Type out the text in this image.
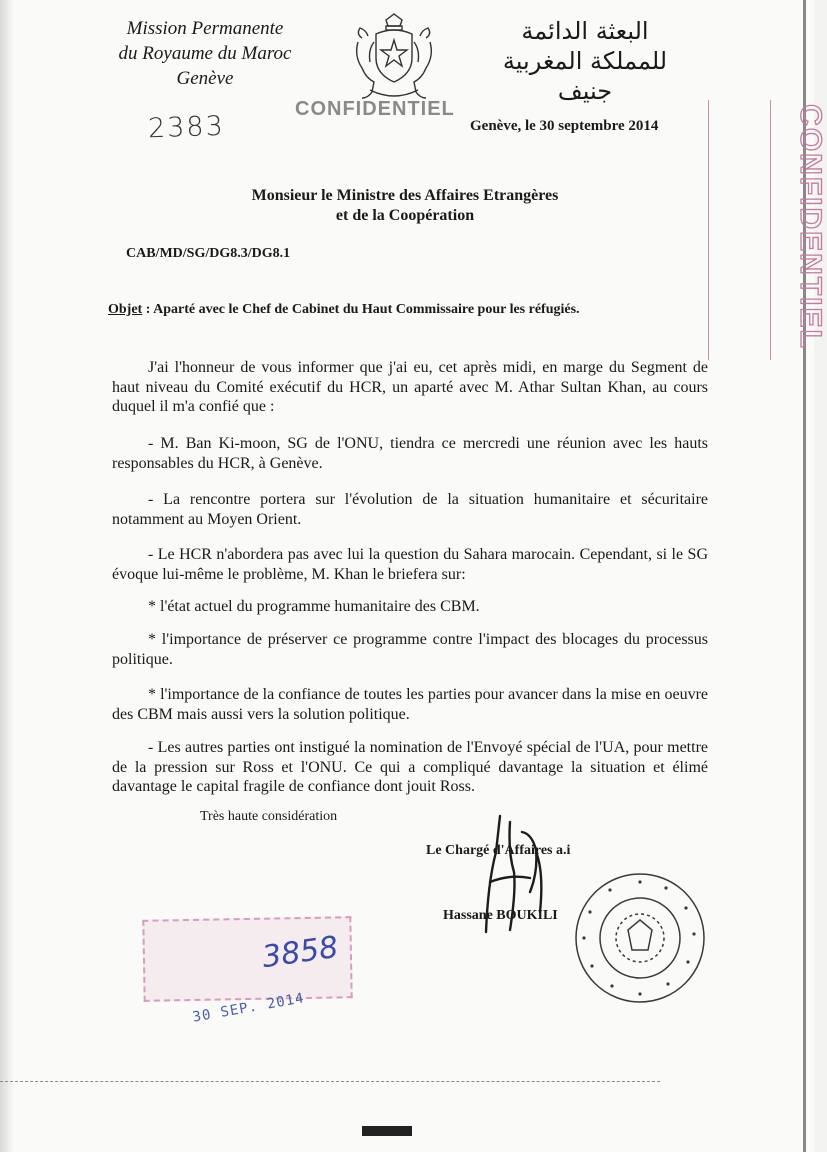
Mission Permanente
du Royaume du Maroc
Genève
البعثة الدائمة
للمملكة المغربية
جنيف
2383
CONFIDENTIEL	CONFIDENTIEL
Genève, le 30 septembre 2014
Monsieur le Ministre des Affaires Etrangères
et de la Coopération
CAB/MD/SG/DG8.3/DG8.1
Objet : Aparté avec le Chef de Cabinet du Haut Commissaire pour les réfugiés.
J'ai l'honneur de vous informer que j'ai eu, cet après midi, en marge du Segment de haut niveau du Comité exécutif du HCR, un aparté avec M. Athar Sultan Khan, au cours duquel il m'a confié que :
- M. Ban Ki-moon, SG de l'ONU, tiendra ce mercredi une réunion avec les hauts responsables du HCR, à Genève.
- La rencontre portera sur l'évolution de la situation humanitaire et sécuritaire notamment au Moyen Orient.
- Le HCR n'abordera pas avec lui la question du Sahara marocain. Cependant, si le SG évoque lui-même le problème, M. Khan le briefera sur:
* l'état actuel du programme humanitaire des CBM.
* l'importance de préserver ce programme contre l'impact des blocages du processus politique.
* l'importance de la confiance de toutes les parties pour avancer dans la mise en oeuvre des CBM mais aussi vers la solution politique.
- Les autres parties ont instigué la nomination de l'Envoyé spécial de l'UA, pour mettre de la pression sur Ross et l'ONU. Ce qui a compliqué davantage la situation et élimé davantage le capital fragile de confiance dont jouit Ross.
Très haute considération
Le Chargé d'Affaires a.i
Hassane BOUKILI
3858
30 SEP. 2014
